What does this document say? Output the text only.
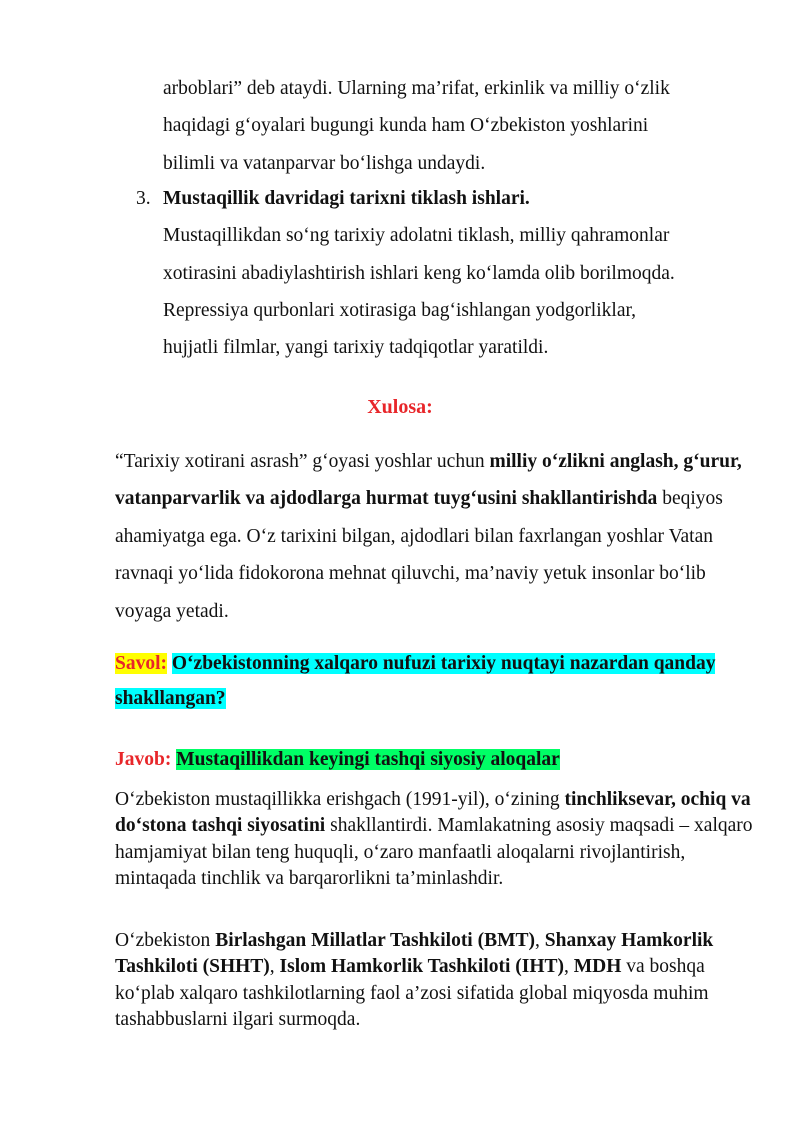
arboblari” deb ataydi. Ularning ma’rifat, erkinlik va milliy o‘zlik
haqidagi g‘oyalari bugungi kunda ham O‘zbekiston yoshlarini
bilimli va vatanparvar bo‘lishga undaydi.
3. Mustaqillik davridagi tarixni tiklash ishlari.
Mustaqillikdan so‘ng tarixiy adolatni tiklash, milliy qahramonlar
xotirasini abadiylashtirish ishlari keng ko‘lamda olib borilmoqda.
Repressiya qurbonlari xotirasiga bag‘ishlangan yodgorliklar,
hujjatli filmlar, yangi tarixiy tadqiqotlar yaratildi.
Xulosa:
“Tarixiy xotirani asrash” g‘oyasi yoshlar uchun milliy o‘zlikni anglash, g‘urur, vatanparvarlik va ajdodlarga hurmat tuyg‘usini shakllantirishda beqiyos ahamiyatga ega. O‘z tarixini bilgan, ajdodlari bilan faxrlangan yoshlar Vatan ravnaqi yo‘lida fidokorona mehnat qiluvchi, ma’naviy yetuk insonlar bo‘lib voyaga yetadi.
Savol: O‘zbekistonning xalqaro nufuzi tarixiy nuqtayi nazardan qanday shakllangan?
Javob: Mustaqillikdan keyingi tashqi siyosiy aloqalar
O‘zbekiston mustaqillikka erishgach (1991-yil), o‘zining tinchliksevar, ochiq va do‘stona tashqi siyosatini shakllantirdi. Mamlakatning asosiy maqsadi – xalqaro hamjamiyat bilan teng huquqli, o‘zaro manfaatli aloqalarni rivojlantirish, mintaqada tinchlik va barqarorlikni ta’minlashdir.
O‘zbekiston Birlashgan Millatlar Tashkiloti (BMT), Shanxay Hamkorlik Tashkiloti (SHHT), Islom Hamkorlik Tashkiloti (IHT), MDH va boshqa ko‘plab xalqaro tashkilotlarning faol a’zosi sifatida global miqyosda muhim tashabbuslarni ilgari surmoqda.
